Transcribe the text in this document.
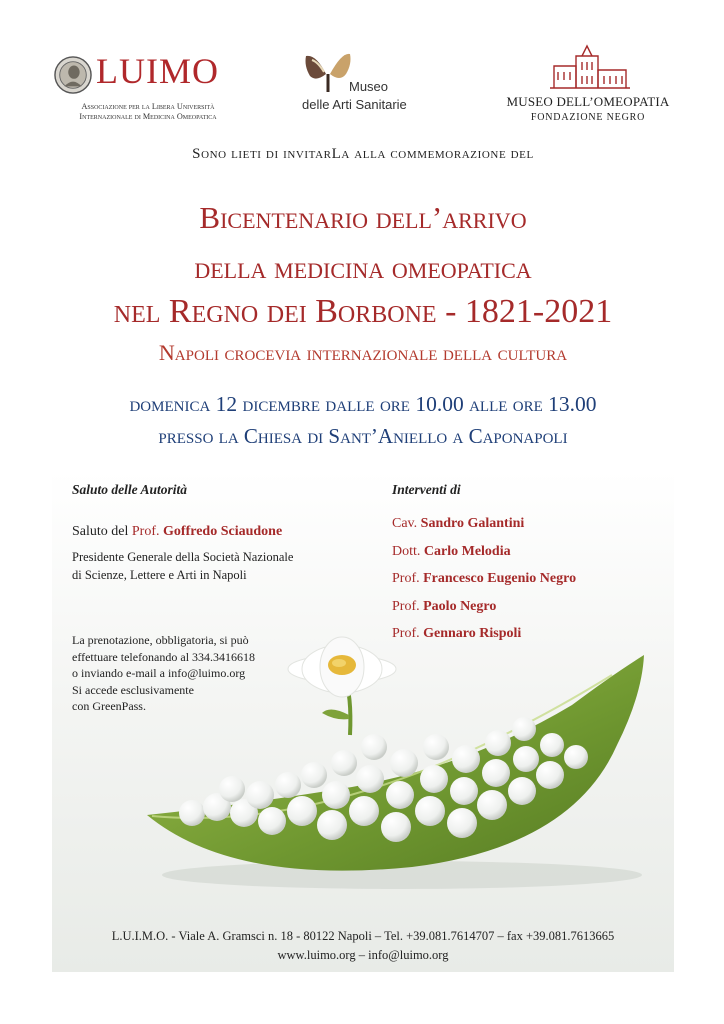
LUIMO
Associazione per la Libera Università
Internazionale di Medicina Omeopatica
Museo
delle Arti Sanitarie	MUSEO DELL’OMEOPATIA
FONDAZIONE NEGRO
Sono lieti di invitarLa alla commemorazione del
Bicentenario dell’arrivo
della medicina omeopatica
nel Regno dei Borbone - 1821-2021
Napoli crocevia internazionale della cultura
domenica 12 dicembre dalle ore 10.00 alle ore 13.00
presso la Chiesa di Sant’Aniello a Caponapoli
Saluto delle Autorità
Saluto del Prof. Goffredo Sciaudone
Presidente Generale della Società Nazionale
di Scienze, Lettere e Arti in Napoli
Interventi di
Cav. Sandro Galantini
Dott. Carlo Melodia
Prof. Francesco Eugenio Negro
Prof. Paolo Negro
Prof. Gennaro Rispoli
La prenotazione, obbligatoria, si può
effettuare telefonando al 334.3416618
o inviando e-mail a info@luimo.org
Si accede esclusivamente
con GreenPass.
L.U.I.M.O. - Viale A. Gramsci n. 18 - 80122 Napoli – Tel. +39.081.7614707 – fax +39.081.7613665
www.luimo.org – info@luimo.org
